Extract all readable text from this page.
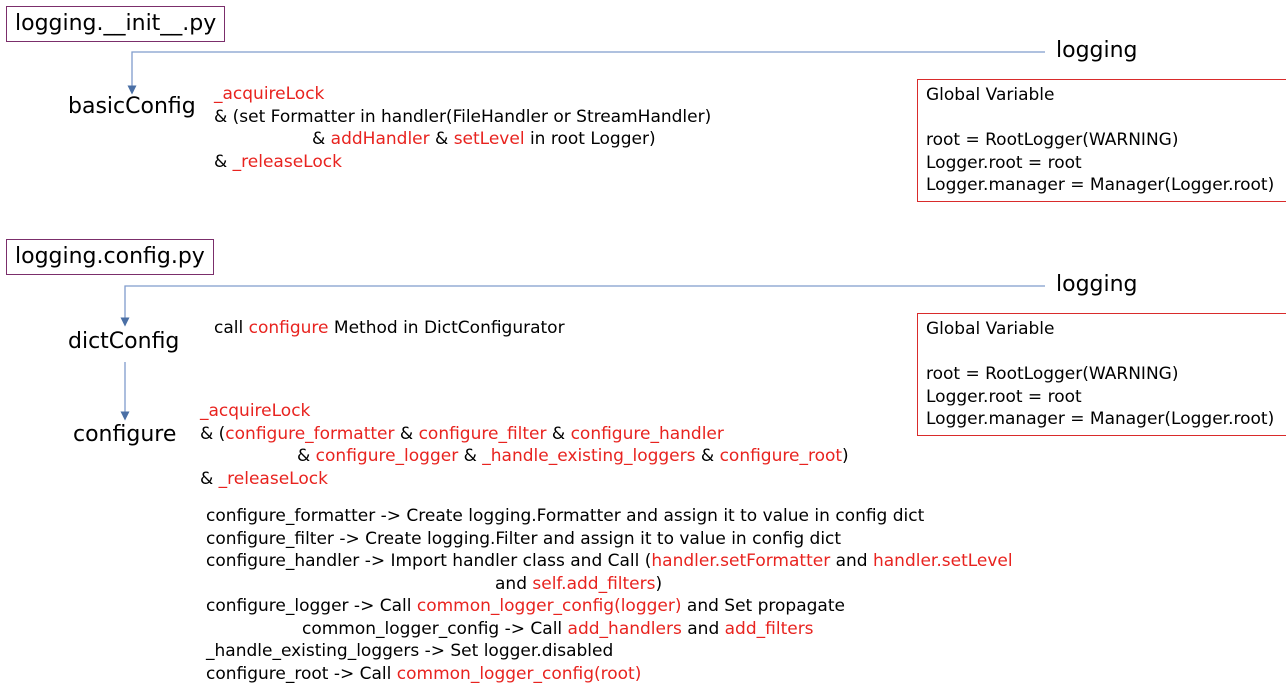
logging.__init__.py
logging
basicConfig _acquireLock
& (set Formatter in handler(FileHandler or StreamHandler)
& addHandler & setLevel in root Logger)
& _releaseLock
Global Variable
root = RootLogger(WARNING)
Logger.root = root
Logger.manager = Manager(Logger.root)
logging.config.py
logging
dictConfig
call configure Method in DictConfigurator	Global Variable
root = RootLogger(WARNING)
Logger.root = root
Logger.manager = Manager(Logger.root)
configure
_acquireLock
& (configure_formatter & configure_filter & configure_handler
& configure_logger & _handle_existing_loggers & configure_root)
& _releaseLock
configure_formatter -> Create logging.Formatter and assign it to value in config dict
configure_filter -> Create logging.Filter and assign it to value in config dict
configure_handler -> Import handler class and Call (handler.setFormatter and handler.setLevel
and self.add_filters)
configure_logger -> Call common_logger_config(logger) and Set propagate
common_logger_config -> Call add_handlers and add_filters
_handle_existing_loggers -> Set logger.disabled
configure_root -> Call common_logger_config(root)
